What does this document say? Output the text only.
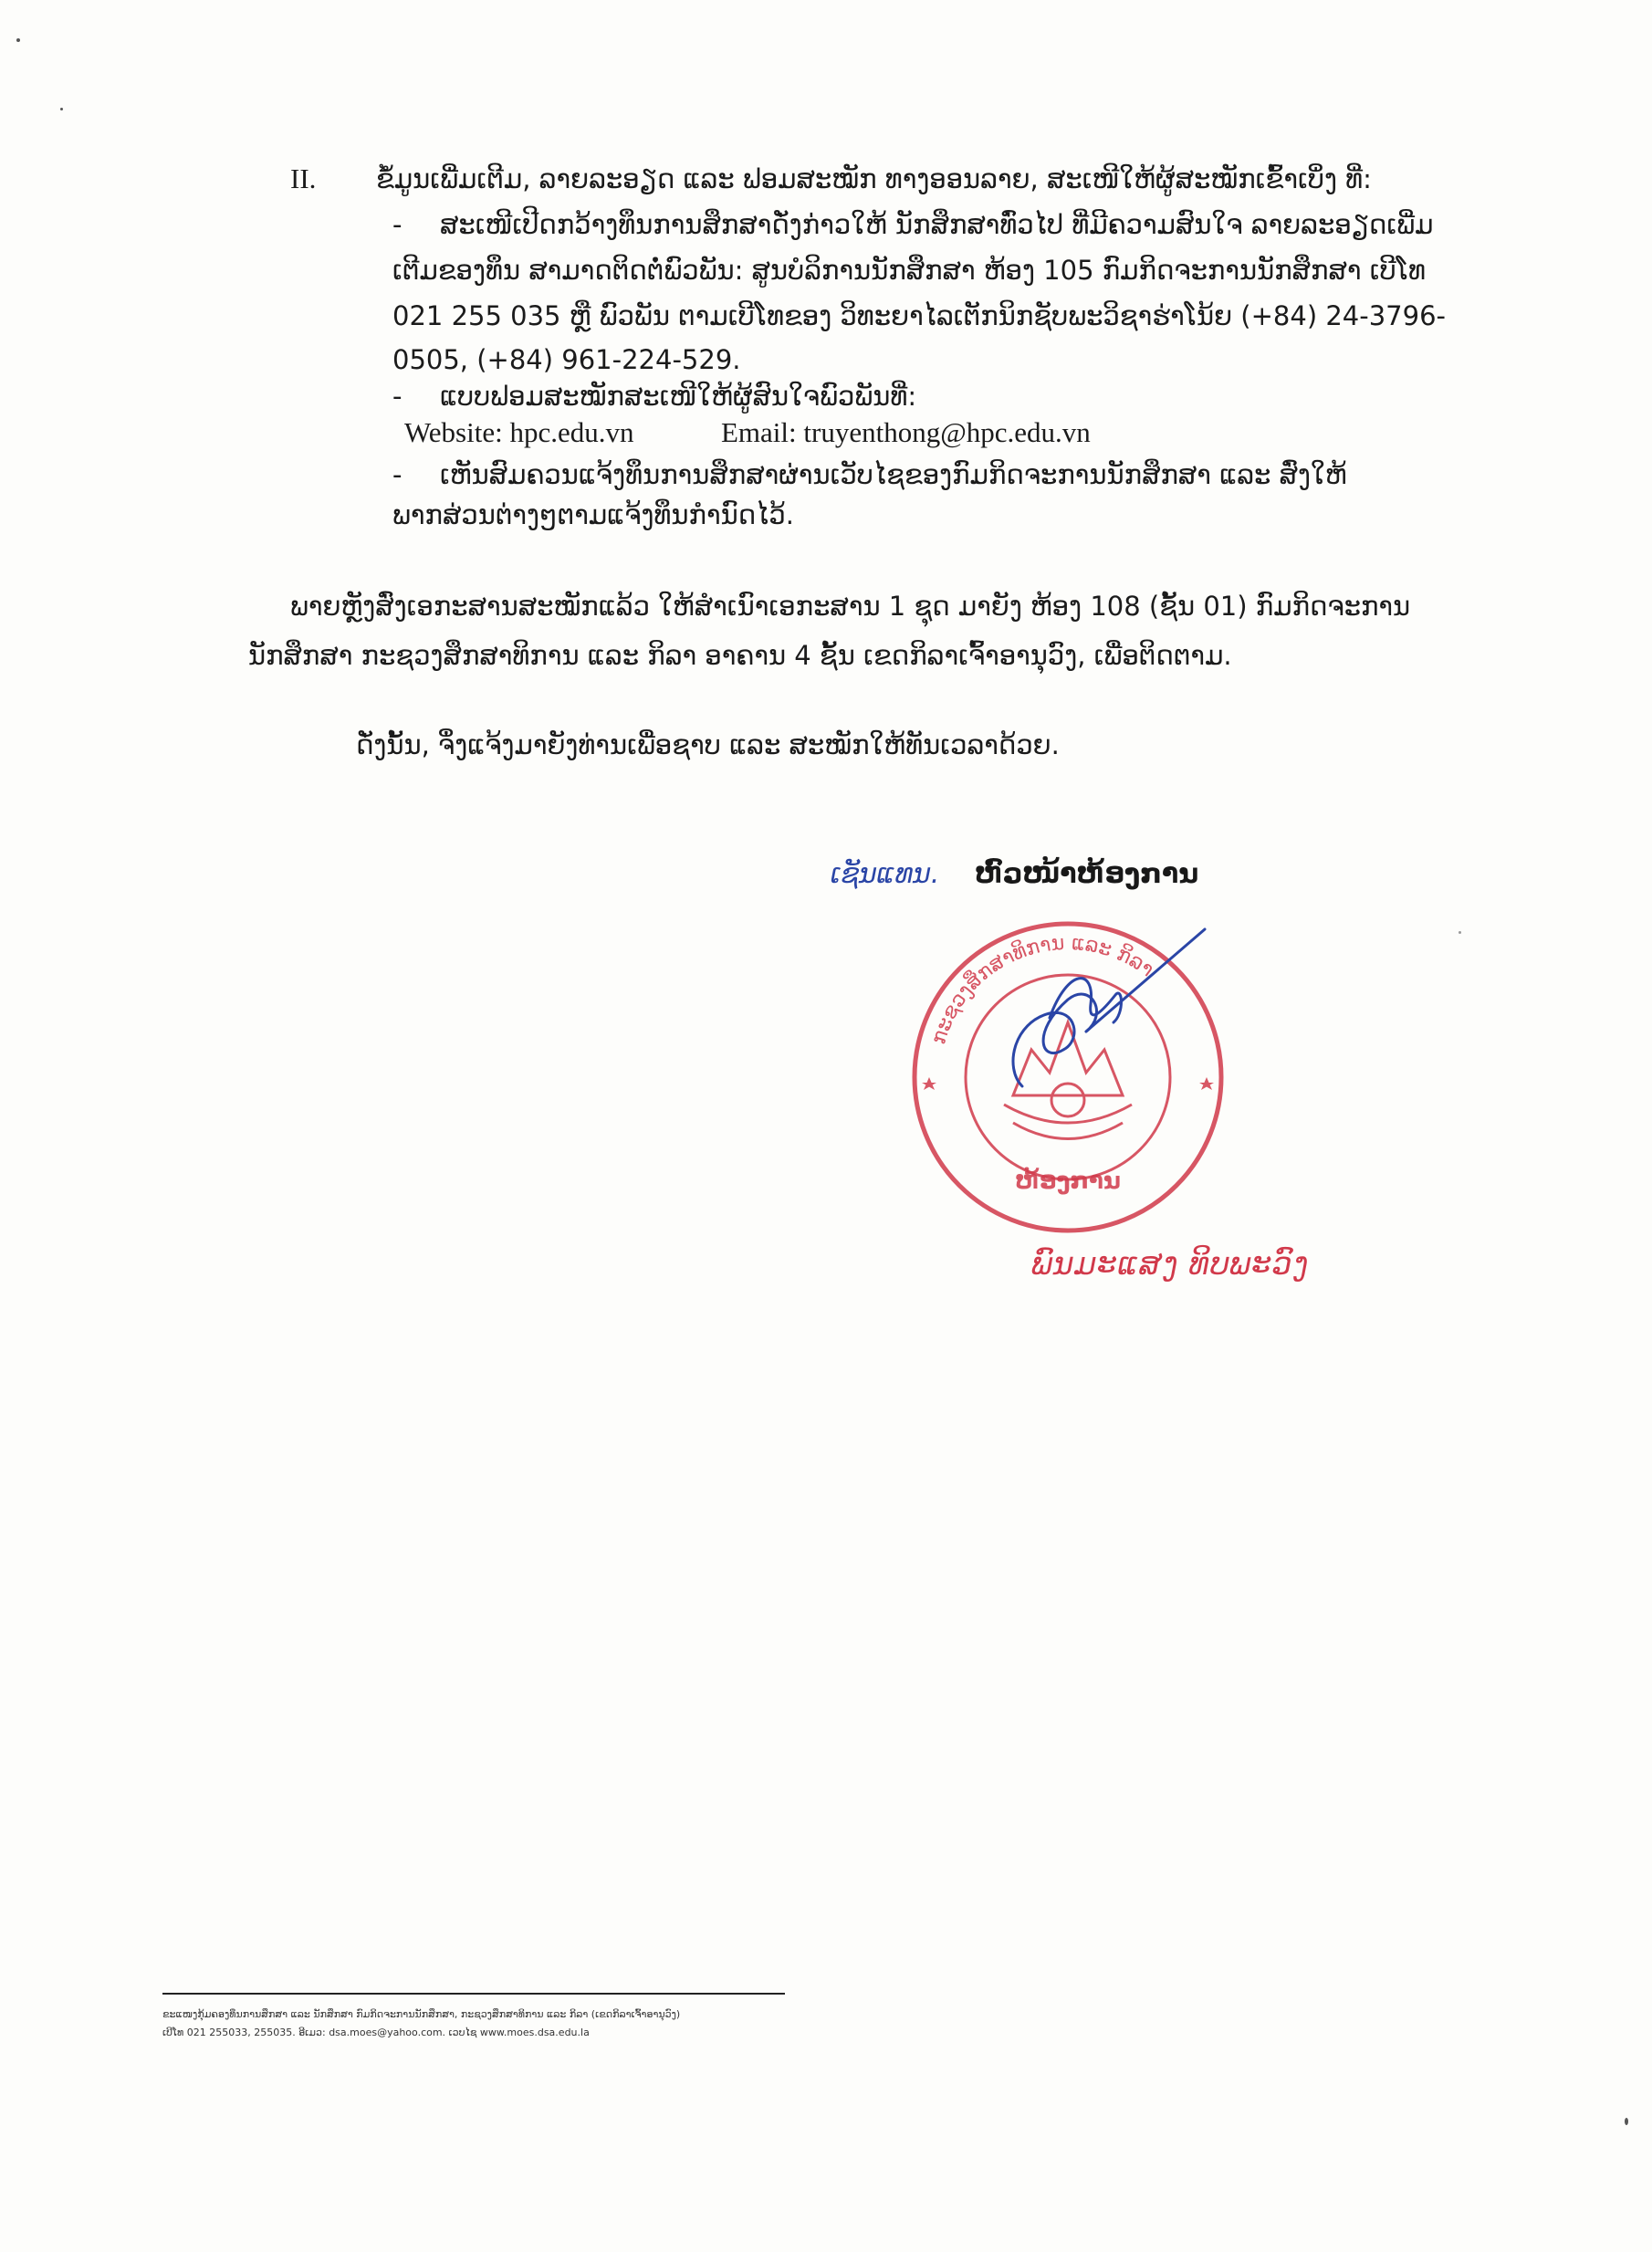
II. ຂໍ້ມູນເພີ່ມເຕີມ, ລາຍລະອຽດ ແລະ ຟອມສະໝັກ ທາງອອນລາຍ, ສະເໜີໃຫ້ຜູ້ສະໝັກເຂົ້າເບິ່ງ ທີ່:
- ສະເໜີເປີດກວ້າງທຶນການສຶກສາດັ່ງກ່າວໃຫ້ ນັກສຶກສາທົ່ວໄປ ທີ່ມີຄວາມສົນໃຈ ລາຍລະອຽດເພີ່ມ
ເຕີມຂອງທຶນ ສາມາດຕິດຕໍ່ພົວພັນ: ສູນບໍລິການນັກສຶກສາ ຫ້ອງ 105 ກົມກິດຈະການນັກສຶກສາ ເບີໂທ
021 255 035 ຫຼື ພົວພັນ ຕາມເບີໂທຂອງ ວິທະຍາໄລເຕັກນິກຊັບພະວິຊາຮ່າໂນ້ຍ (+84) 24-3796-
0505, (+84) 961-224-529.
- ແບບຟອມສະໝັກສະເໜີໃຫ້ຜູ້ສົນໃຈພົວພັນທີ່:
Website: hpc.edu.vn	Email: truyenthong@hpc.edu.vn
- ເຫັນສົມຄວນແຈ້ງທຶນການສຶກສາຜ່ານເວັບໄຊຂອງກົມກິດຈະການນັກສຶກສາ ແລະ ສົ່ງໃຫ້
ພາກສ່ວນຕ່າງໆຕາມແຈ້ງທຶນກຳນົດໄວ້.
ພາຍຫຼັງສົ່ງເອກະສານສະໝັກແລ້ວ ໃຫ້ສຳເນົາເອກະສານ 1 ຊຸດ ມາຍັງ ຫ້ອງ 108 (ຊັ້ນ 01) ກົມກິດຈະການ
ນັກສຶກສາ ກະຊວງສຶກສາທິການ ແລະ ກິລາ ອາຄານ 4 ຊັ້ນ ເຂດກິລາເຈົ້າອານຸວົງ, ເພື່ອຕິດຕາມ.
ດັ່ງນັ້ນ, ຈຶ່ງແຈ້ງມາຍັງທ່ານເພື່ອຊາບ ແລະ ສະໝັກໃຫ້ທັນເວລາດ້ວຍ.
ເຊັນແທນ. ຫົວໜ້າຫ້ອງການ
ກະຊວງສຶກສາທິການ ແລະ ກິລາ
ຫ້ອງການ
ພົນມະແສງ ທິບພະວົງ
ຂະແໜງກຸ້ມຄອງທຶນການສຶກສາ ແລະ ນັກສຶກສາ ກົມກິດຈະການນັກສຶກສາ, ກະຊວງສຶກສາທິການ ແລະ ກິລາ (ເຂດກິລາເຈົ້າອານຸວົງ)
ເບີໂທ 021 255033, 255035. ອີເມວ: dsa.moes@yahoo.com. ເວບໄຊ www.moes.dsa.edu.la
